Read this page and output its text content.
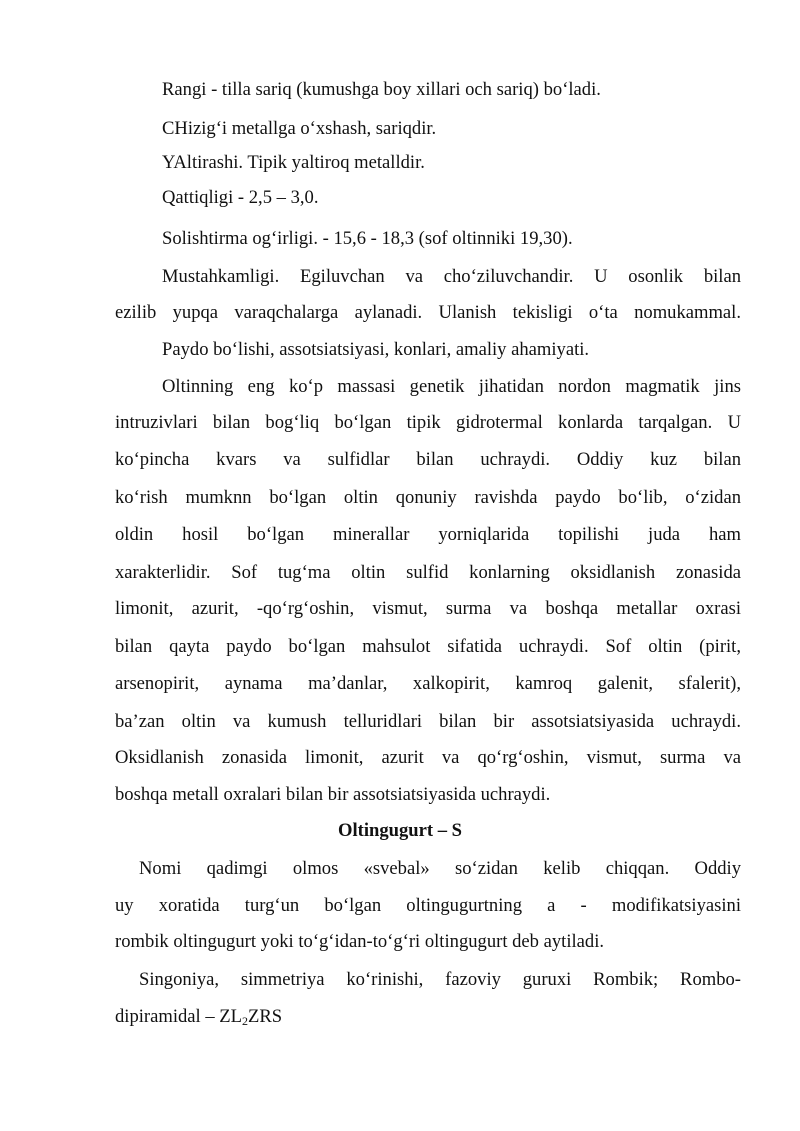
Rangi - tilla sariq (kumushga boy xillari och sariq) bo‘ladi.
CHizig‘i metallga o‘xshash, sariqdir.
YAltirashi. Tipik yaltiroq metalldir.
Qattiqligi - 2,5 – 3,0.
Solishtirma og‘irligi. - 15,6 - 18,3 (sof oltinniki 19,30).
Mustahkamligi. Egiluvchan va cho‘ziluvchandir. U osonlik bilan
ezilib yupqa varaqchalarga aylanadi. Ulanish tekisligi o‘ta nomukammal.
Paydo bo‘lishi, assotsiatsiyasi, konlari, amaliy ahamiyati.
Oltinning eng ko‘p massasi genetik jihatidan nordon magmatik jins
intruzivlari bilan bog‘liq bo‘lgan tipik gidrotermal konlarda tarqalgan. U
ko‘pincha kvars va sulfidlar bilan uchraydi. Oddiy kuz bilan
ko‘rish mumknn bo‘lgan oltin qonuniy ravishda paydo bo‘lib, o‘zidan
oldin hosil bo‘lgan minerallar yorniqlarida topilishi juda ham
xarakterlidir. Sof tug‘ma oltin sulfid konlarning oksidlanish zonasida
limonit, azurit, -qo‘rg‘oshin, vismut, surma va boshqa metallar oxrasi
bilan qayta paydo bo‘lgan mahsulot sifatida uchraydi. Sof oltin (pirit,
arsenopirit, aynama ma’danlar, xalkopirit, kamroq galenit, sfalerit),
ba’zan oltin va kumush telluridlari bilan bir assotsiatsiyasida uchraydi.
Oksidlanish zonasida limonit, azurit va qo‘rg‘oshin, vismut, surma va
boshqa metall oxralari bilan bir assotsiatsiyasida uchraydi.
Oltingugurt – S
Nomi qadimgi olmos «svebal» so‘zidan kelib chiqqan. Oddiy
uy xoratida turg‘un bo‘lgan oltingugurtning a - modifikatsiyasini
rombik oltingugurt yoki to‘g‘idan-to‘g‘ri oltingugurt deb aytiladi.
Singoniya, simmetriya ko‘rinishi, fazoviy guruxi Rombik; Rombo-
dipiramidal – $ZL_2ZRS$
